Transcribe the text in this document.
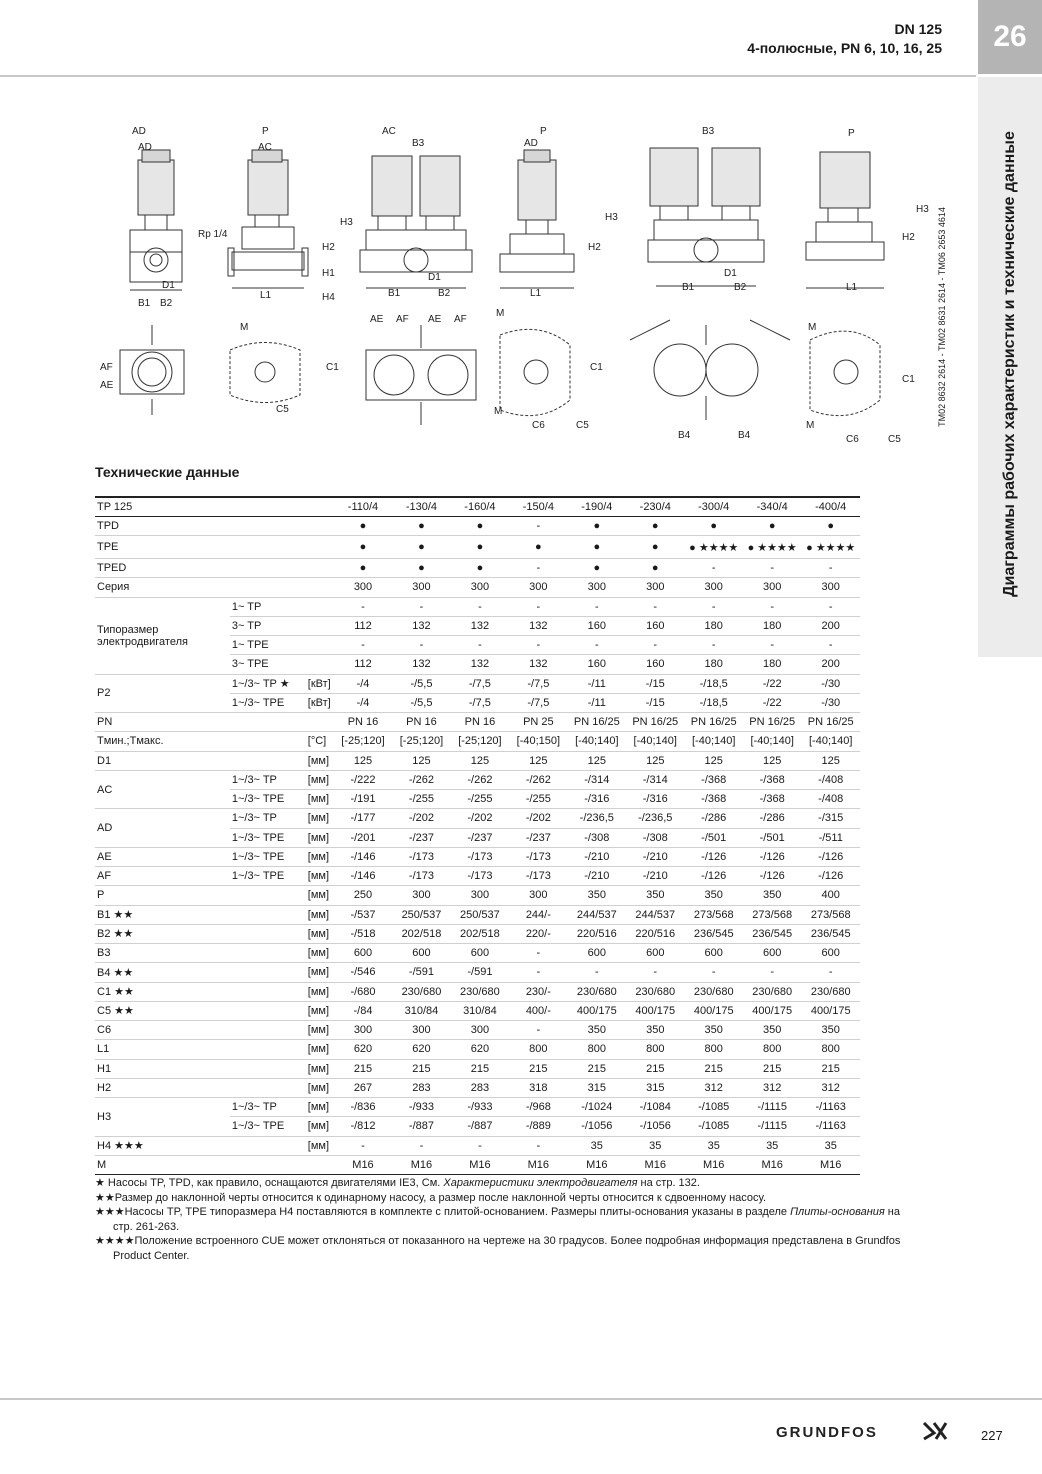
DN 125
4-полюсные, PN 6, 10, 16, 25	26
Диаграммы рабочих характеристик и технические данные
TM02 8632 2614 - TM02 8631 2614 - TM06 2653 4614
AD
AD
D1
B1 B2
P
AC
Rp 1/4
L1
H2
H1
H4
H3
AC
B3
D1
B1	B2
P
AD
L1
H2
H3
B3
D1
B1	B2
P
L1
H2
H3
AF
AE
M
C5
C1
AE AF AE AF
M
M
C6	C5
C1
B4	B4
M
M
C6	C5
C1
Технические данные
TP 125			-110/4	-130/4	-160/4	-150/4	-190/4	-230/4	-300/4	-340/4	-400/4

TPD			●	●	●	-	●	●	●	●	●

TPE			●	●	●	●	●	●	● ★★★★	● ★★★★	● ★★★★

TPED			●	●	●	-	●	●	-	-	-

Серия			300	300	300	300	300	300	300	300	300

Типоразмер
электродвигателя	1~ TP		-	-	-	-	-	-	-	-	-
	3~ TP		112	132	132	132	160	160	180	180	200
	1~ TPE		-	-	-	-	-	-	-	-	-
	3~ TPE		112	132	132	132	160	160	180	180	200

P2	1~/3~ TP ★	[кВт]	-/4	-/5,5	-/7,5	-/7,5	-/11	-/15	-/18,5	-/22	-/30
	1~/3~ TPE	[кВт]	-/4	-/5,5	-/7,5	-/7,5	-/11	-/15	-/18,5	-/22	-/30

PN			PN 16	PN 16	PN 16	PN 25	PN 16/25	PN 16/25	PN 16/25	PN 16/25	PN 16/25

Tмин.;Tмакс.		[°C]	[-25;120]	[-25;120]	[-25;120]	[-40;150]	[-40;140]	[-40;140]	[-40;140]	[-40;140]	[-40;140]

D1		[мм]	125	125	125	125	125	125	125	125	125

AC	1~/3~ TP	[мм]	-/222	-/262	-/262	-/262	-/314	-/314	-/368	-/368	-/408
	1~/3~ TPE	[мм]	-/191	-/255	-/255	-/255	-/316	-/316	-/368	-/368	-/408

AD	1~/3~ TP	[мм]	-/177	-/202	-/202	-/202	-/236,5	-/236,5	-/286	-/286	-/315
	1~/3~ TPE	[мм]	-/201	-/237	-/237	-/237	-/308	-/308	-/501	-/501	-/511

AE	1~/3~ TPE	[мм]	-/146	-/173	-/173	-/173	-/210	-/210	-/126	-/126	-/126

AF	1~/3~ TPE	[мм]	-/146	-/173	-/173	-/173	-/210	-/210	-/126	-/126	-/126

P		[мм]	250	300	300	300	350	350	350	350	400

B1 ★★		[мм]	-/537	250/537	250/537	244/-	244/537	244/537	273/568	273/568	273/568

B2 ★★		[мм]	-/518	202/518	202/518	220/-	220/516	220/516	236/545	236/545	236/545

B3		[мм]	600	600	600	-	600	600	600	600	600

B4 ★★		[мм]	-/546	-/591	-/591	-	-	-	-	-	-

C1 ★★		[мм]	-/680	230/680	230/680	230/-	230/680	230/680	230/680	230/680	230/680

C5 ★★		[мм]	-/84	310/84	310/84	400/-	400/175	400/175	400/175	400/175	400/175

C6		[мм]	300	300	300	-	350	350	350	350	350

L1		[мм]	620	620	620	800	800	800	800	800	800

H1		[мм]	215	215	215	215	215	215	215	215	215

H2		[мм]	267	283	283	318	315	315	312	312	312

H3	1~/3~ TP	[мм]	-/836	-/933	-/933	-/968	-/1024	-/1084	-/1085	-/1115	-/1163
	1~/3~ TPE	[мм]	-/812	-/887	-/887	-/889	-/1056	-/1056	-/1085	-/1115	-/1163

H4 ★★★		[мм]	-	-	-	-	35	35	35	35	35

M			M16	M16	M16	M16	M16	M16	M16	M16	M16

★ Насосы TP, TPD, как правило, оснащаются двигателями IE3, См. Характеристики электродвигателя на стр. 132.

★★Размер до наклонной черты относится к одинарному насосу, а размер после наклонной черты относится к сдвоенному насосу.

★★★Насосы TP, TPE типоразмера H4 поставляются в комплекте с плитой-основанием. Размеры плиты-основания указаны в разделе Плиты-основания на стр. 261-263.

★★★★Положение встроенного CUE может отклоняться от показанного на чертеже на 30 градусов. Более подробная информация представлена в Grundfos Product Center.

GRUNDFOS	227
